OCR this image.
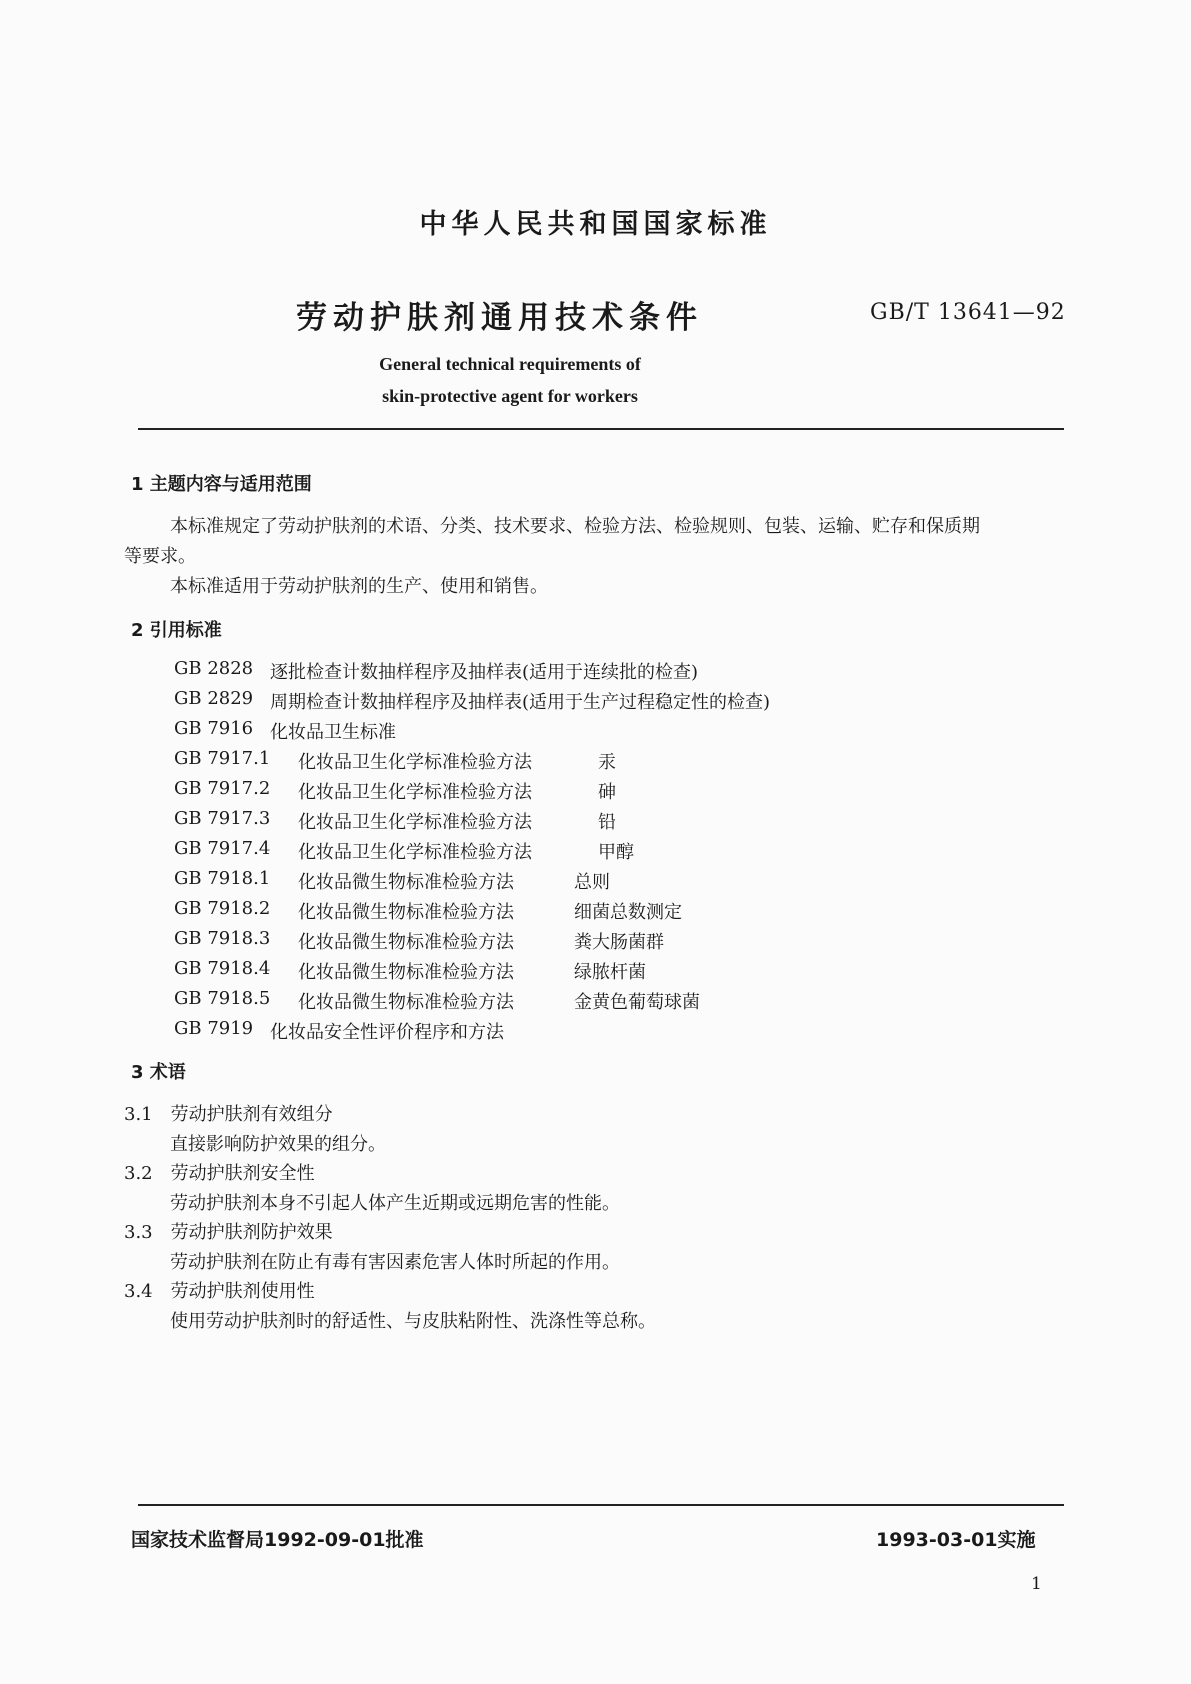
中华人民共和国国家标准
劳动护肤剂通用技术条件	GB/T 13641—92
General technical requirements of
skin-protective agent for workers
1 主题内容与适用范围
本标准规定了劳动护肤剂的术语、分类、技术要求、检验方法、检验规则、包装、运输、贮存和保质期
等要求。
本标准适用于劳动护肤剂的生产、使用和销售。
2 引用标准
GB 2828 逐批检查计数抽样程序及抽样表(适用于连续批的检查)
GB 2829 周期检查计数抽样程序及抽样表(适用于生产过程稳定性的检查)
GB 7916 化妆品卫生标准
GB 7917.1 化妆品卫生化学标准检验方法	汞
GB 7917.2 化妆品卫生化学标准检验方法	砷
GB 7917.3 化妆品卫生化学标准检验方法	铅
GB 7917.4 化妆品卫生化学标准检验方法	甲醇
GB 7918.1 化妆品微生物标准检验方法	总则
GB 7918.2 化妆品微生物标准检验方法	细菌总数测定
GB 7918.3 化妆品微生物标准检验方法	粪大肠菌群
GB 7918.4 化妆品微生物标准检验方法	绿脓杆菌
GB 7918.5 化妆品微生物标准检验方法	金黄色葡萄球菌
GB 7919 化妆品安全性评价程序和方法
3 术语
3.1 劳动护肤剂有效组分
直接影响防护效果的组分。
3.2 劳动护肤剂安全性
劳动护肤剂本身不引起人体产生近期或远期危害的性能。
3.3 劳动护肤剂防护效果
劳动护肤剂在防止有毒有害因素危害人体时所起的作用。
3.4 劳动护肤剂使用性
使用劳动护肤剂时的舒适性、与皮肤粘附性、洗涤性等总称。
国家技术监督局1992-09-01批准	1993-03-01实施
1
